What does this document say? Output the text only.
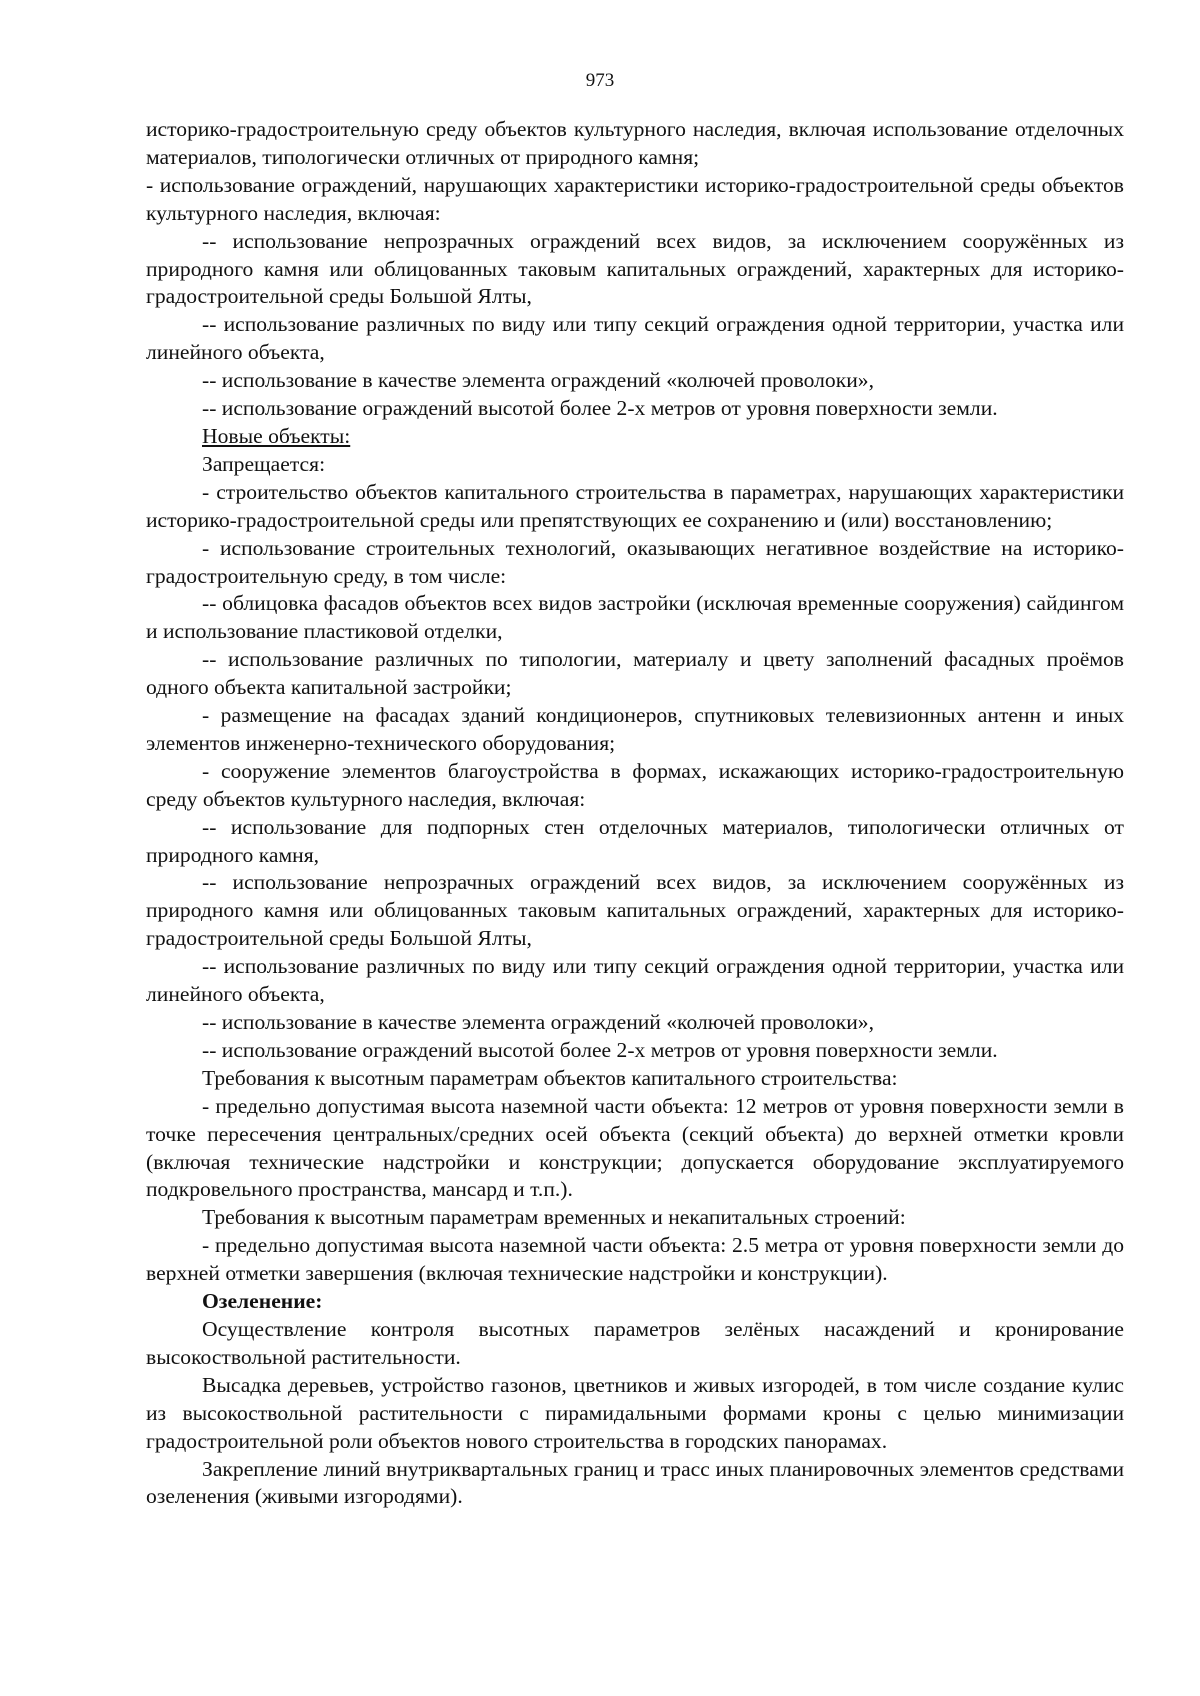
973

историко-градостроительную среду объектов культурного наследия, включая использование отделочных материалов, типологически отличных от природного камня;

- использование ограждений, нарушающих характеристики историко-градостроительной среды объектов культурного наследия, включая:

-- использование непрозрачных ограждений всех видов, за исключением сооружённых из природного камня или облицованных таковым капитальных ограждений, характерных для историко-градостроительной среды Большой Ялты,

-- использование различных по виду или типу секций ограждения одной территории, участка или линейного объекта,

-- использование в качестве элемента ограждений «колючей проволоки»,

-- использование ограждений высотой более 2-х метров от уровня поверхности земли.

Новые объекты:

Запрещается:

- строительство объектов капитального строительства в параметрах, нарушающих характеристики историко-градостроительной среды или препятствующих ее сохранению и (или) восстановлению;

- использование строительных технологий, оказывающих негативное воздействие на историко-градостроительную среду, в том числе:

-- облицовка фасадов объектов всех видов застройки (исключая временные сооружения) сайдингом и использование пластиковой отделки,

-- использование различных по типологии, материалу и цвету заполнений фасадных проёмов одного объекта капитальной застройки;

- размещение на фасадах зданий кондиционеров, спутниковых телевизионных антенн и иных элементов инженерно-технического оборудования;

- сооружение элементов благоустройства в формах, искажающих историко-градостроительную среду объектов культурного наследия, включая:

-- использование для подпорных стен отделочных материалов, типологически отличных от природного камня,

-- использование непрозрачных ограждений всех видов, за исключением сооружённых из природного камня или облицованных таковым капитальных ограждений, характерных для историко-градостроительной среды Большой Ялты,

-- использование различных по виду или типу секций ограждения одной территории, участка или линейного объекта,

-- использование в качестве элемента ограждений «колючей проволоки»,

-- использование ограждений высотой более 2-х метров от уровня поверхности земли.

Требования к высотным параметрам объектов капитального строительства:

- предельно допустимая высота наземной части объекта: 12 метров от уровня поверхности земли в точке пересечения центральных/средних осей объекта (секций объекта) до верхней отметки кровли (включая технические надстройки и конструкции; допускается оборудование эксплуатируемого подкровельного пространства, мансард и т.п.).

Требования к высотным параметрам временных и некапитальных строений:

- предельно допустимая высота наземной части объекта: 2.5 метра от уровня поверхности земли до верхней отметки завершения (включая технические надстройки и конструкции).

Озеленение:

Осуществление контроля высотных параметров зелёных насаждений и кронирование высокоствольной растительности.

Высадка деревьев, устройство газонов, цветников и живых изгородей, в том числе создание кулис из высокоствольной растительности с пирамидальными формами кроны с целью минимизации градостроительной роли объектов нового строительства в городских панорамах.

Закрепление линий внутриквартальных границ и трасс иных планировочных элементов средствами озеленения (живыми изгородями).
